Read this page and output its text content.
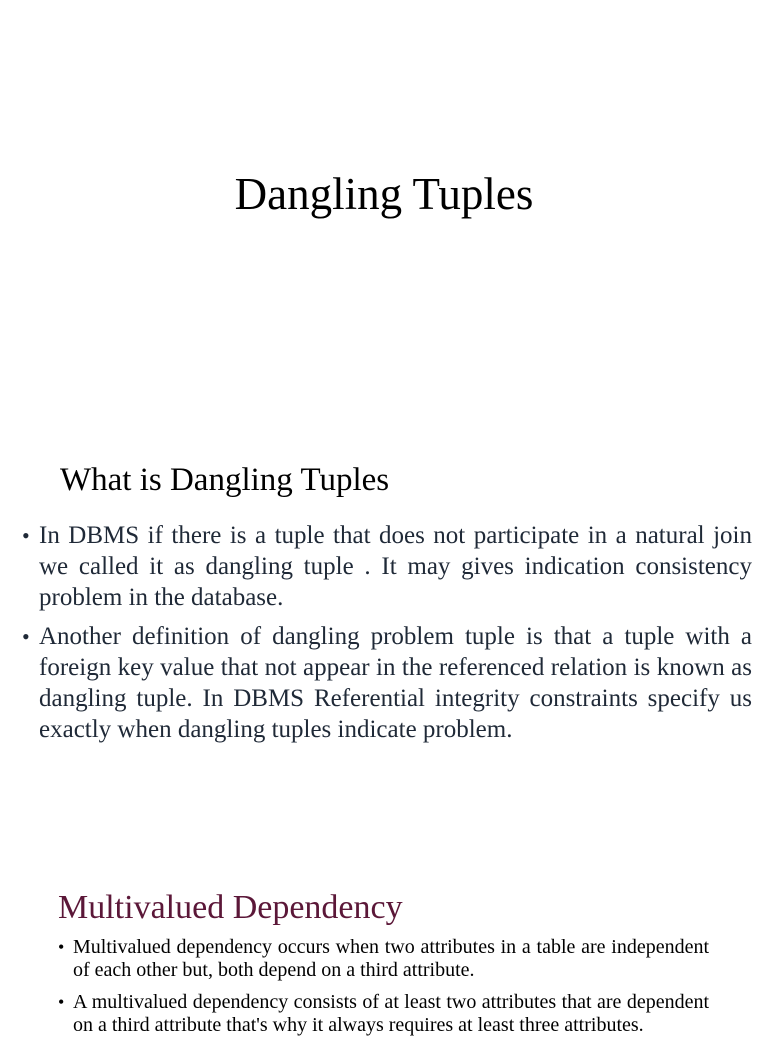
Dangling Tuples
What is Dangling Tuples
• In DBMS if there is a tuple that does not participate in a natural join we called it as dangling tuple . It may gives indication consistency problem in the database.
• Another definition of dangling problem tuple is that a tuple with a foreign key value that not appear in the referenced relation is known as dangling tuple. In DBMS Referential integrity constraints specify us exactly when dangling tuples indicate problem.
Multivalued Dependency
• Multivalued dependency occurs when two attributes in a table are independent of each other but, both depend on a third attribute.
• A multivalued dependency consists of at least two attributes that are dependent on a third attribute that's why it always requires at least three attributes.
